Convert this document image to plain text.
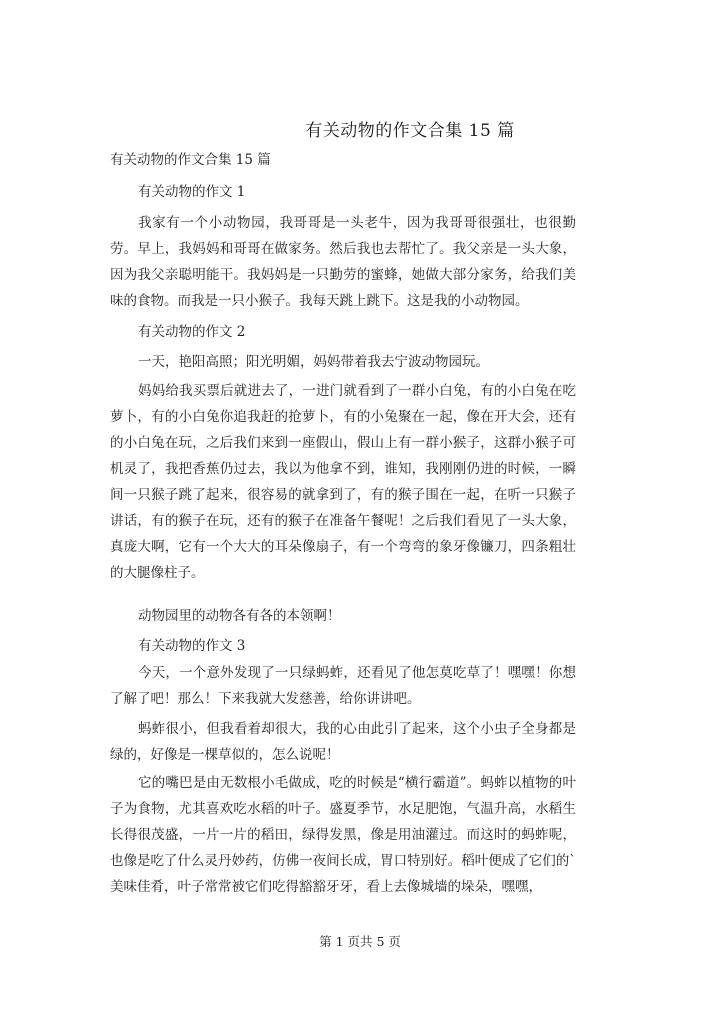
有关动物的作文合集 15 篇
有关动物的作文合集 15 篇
有关动物的作文 1

我家有一个小动物园，我哥哥是一头老牛，因为我哥哥很强壮，也很勤劳。早上，我妈妈和哥哥在做家务。然后我也去帮忙了。我父亲是一头大象，因为我父亲聪明能干。我妈妈是一只勤劳的蜜蜂，她做大部分家务，给我们美味的食物。而我是一只小猴子。我每天跳上跳下。这是我的小动物园。

有关动物的作文 2
一天，艳阳高照；阳光明媚，妈妈带着我去宁波动物园玩。

妈妈给我买票后就进去了，一进门就看到了一群小白兔，有的小白兔在吃萝卜，有的小白兔你追我赶的抢萝卜，有的小兔聚在一起，像在开大会，还有的小白兔在玩，之后我们来到一座假山，假山上有一群小猴子，这群小猴子可机灵了，我把香蕉仍过去，我以为他拿不到，谁知，我刚刚仍进的时候，一瞬间一只猴子跳了起来，很容易的就拿到了，有的猴子围在一起，在听一只猴子讲话，有的猴子在玩，还有的猴子在准备午餐呢！之后我们看见了一头大象，真庞大啊，它有一个大大的耳朵像扇子，有一个弯弯的象牙像镰刀，四条粗壮的大腿像柱子。

动物园里的动物各有各的本领啊！
有关动物的作文 3

今天，一个意外发现了一只绿蚂蚱，还看见了他怎莫吃草了！嘿嘿！你想了解了吧！那么！下来我就大发慈善，给你讲讲吧。

蚂蚱很小，但我看着却很大，我的心由此引了起来，这个小虫子全身都是绿的，好像是一棵草似的，怎么说呢！

它的嘴巴是由无数根小毛做成，吃的时候是“横行霸道”。蚂蚱以植物的叶子为食物，尤其喜欢吃水稻的叶子。盛夏季节，水足肥饱，气温升高，水稻生长得很茂盛，一片一片的稻田，绿得发黑，像是用油灌过。而这时的蚂蚱呢，也像是吃了什么灵丹妙药，仿佛一夜间长成，胃口特别好。稻叶便成了它们的`美味佳肴，叶子常常被它们吃得豁豁牙牙，看上去像城墙的垛朵，嘿嘿，

第 1 页共 5 页
